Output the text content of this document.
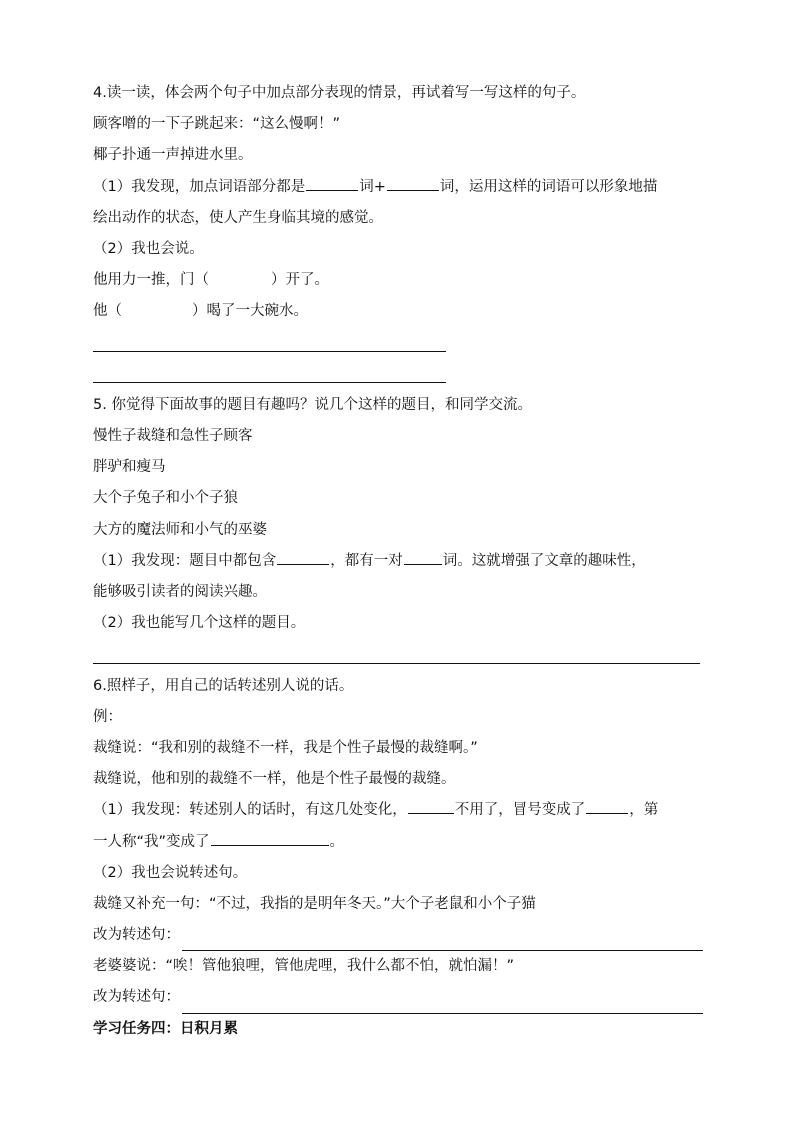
4.读一读，体会两个句子中加点部分表现的情景，再试着写一写这样的句子。
顾客噌的一下子跳起来：“这么慢啊！”
椰子扑通一声掉进水里。
（1）我发现，加点词语部分都是	词+	词，运用这样的词语可以形象地描
绘出动作的状态，使人产生身临其境的感觉。
（2）我也会说。
他用力一推，门（	）开了。
他（	）喝了一大碗水。
5. 你觉得下面故事的题目有趣吗？说几个这样的题目，和同学交流。
慢性子裁缝和急性子顾客
胖驴和瘦马
大个子兔子和小个子狼
大方的魔法师和小气的巫婆
（1）我发现：题目中都包含	，都有一对	词。这就增强了文章的趣味性，
能够吸引读者的阅读兴趣。
（2）我也能写几个这样的题目。
6.照样子，用自己的话转述别人说的话。
例：
裁缝说：“我和别的裁缝不一样，我是个性子最慢的裁缝啊。”
裁缝说，他和别的裁缝不一样，他是个性子最慢的裁缝。
（1）我发现：转述别人的话时，有这几处变化，	不用了，冒号变成了	，第
一人称“我”变成了	。
（2）我也会说转述句。
裁缝又补充一句：“不过，我指的是明年冬天。”大个子老鼠和小个子猫
改为转述句：
老婆婆说：“唉！管他狼哩，管他虎哩，我什么都不怕，就怕漏！”
改为转述句：
学习任务四：日积月累
